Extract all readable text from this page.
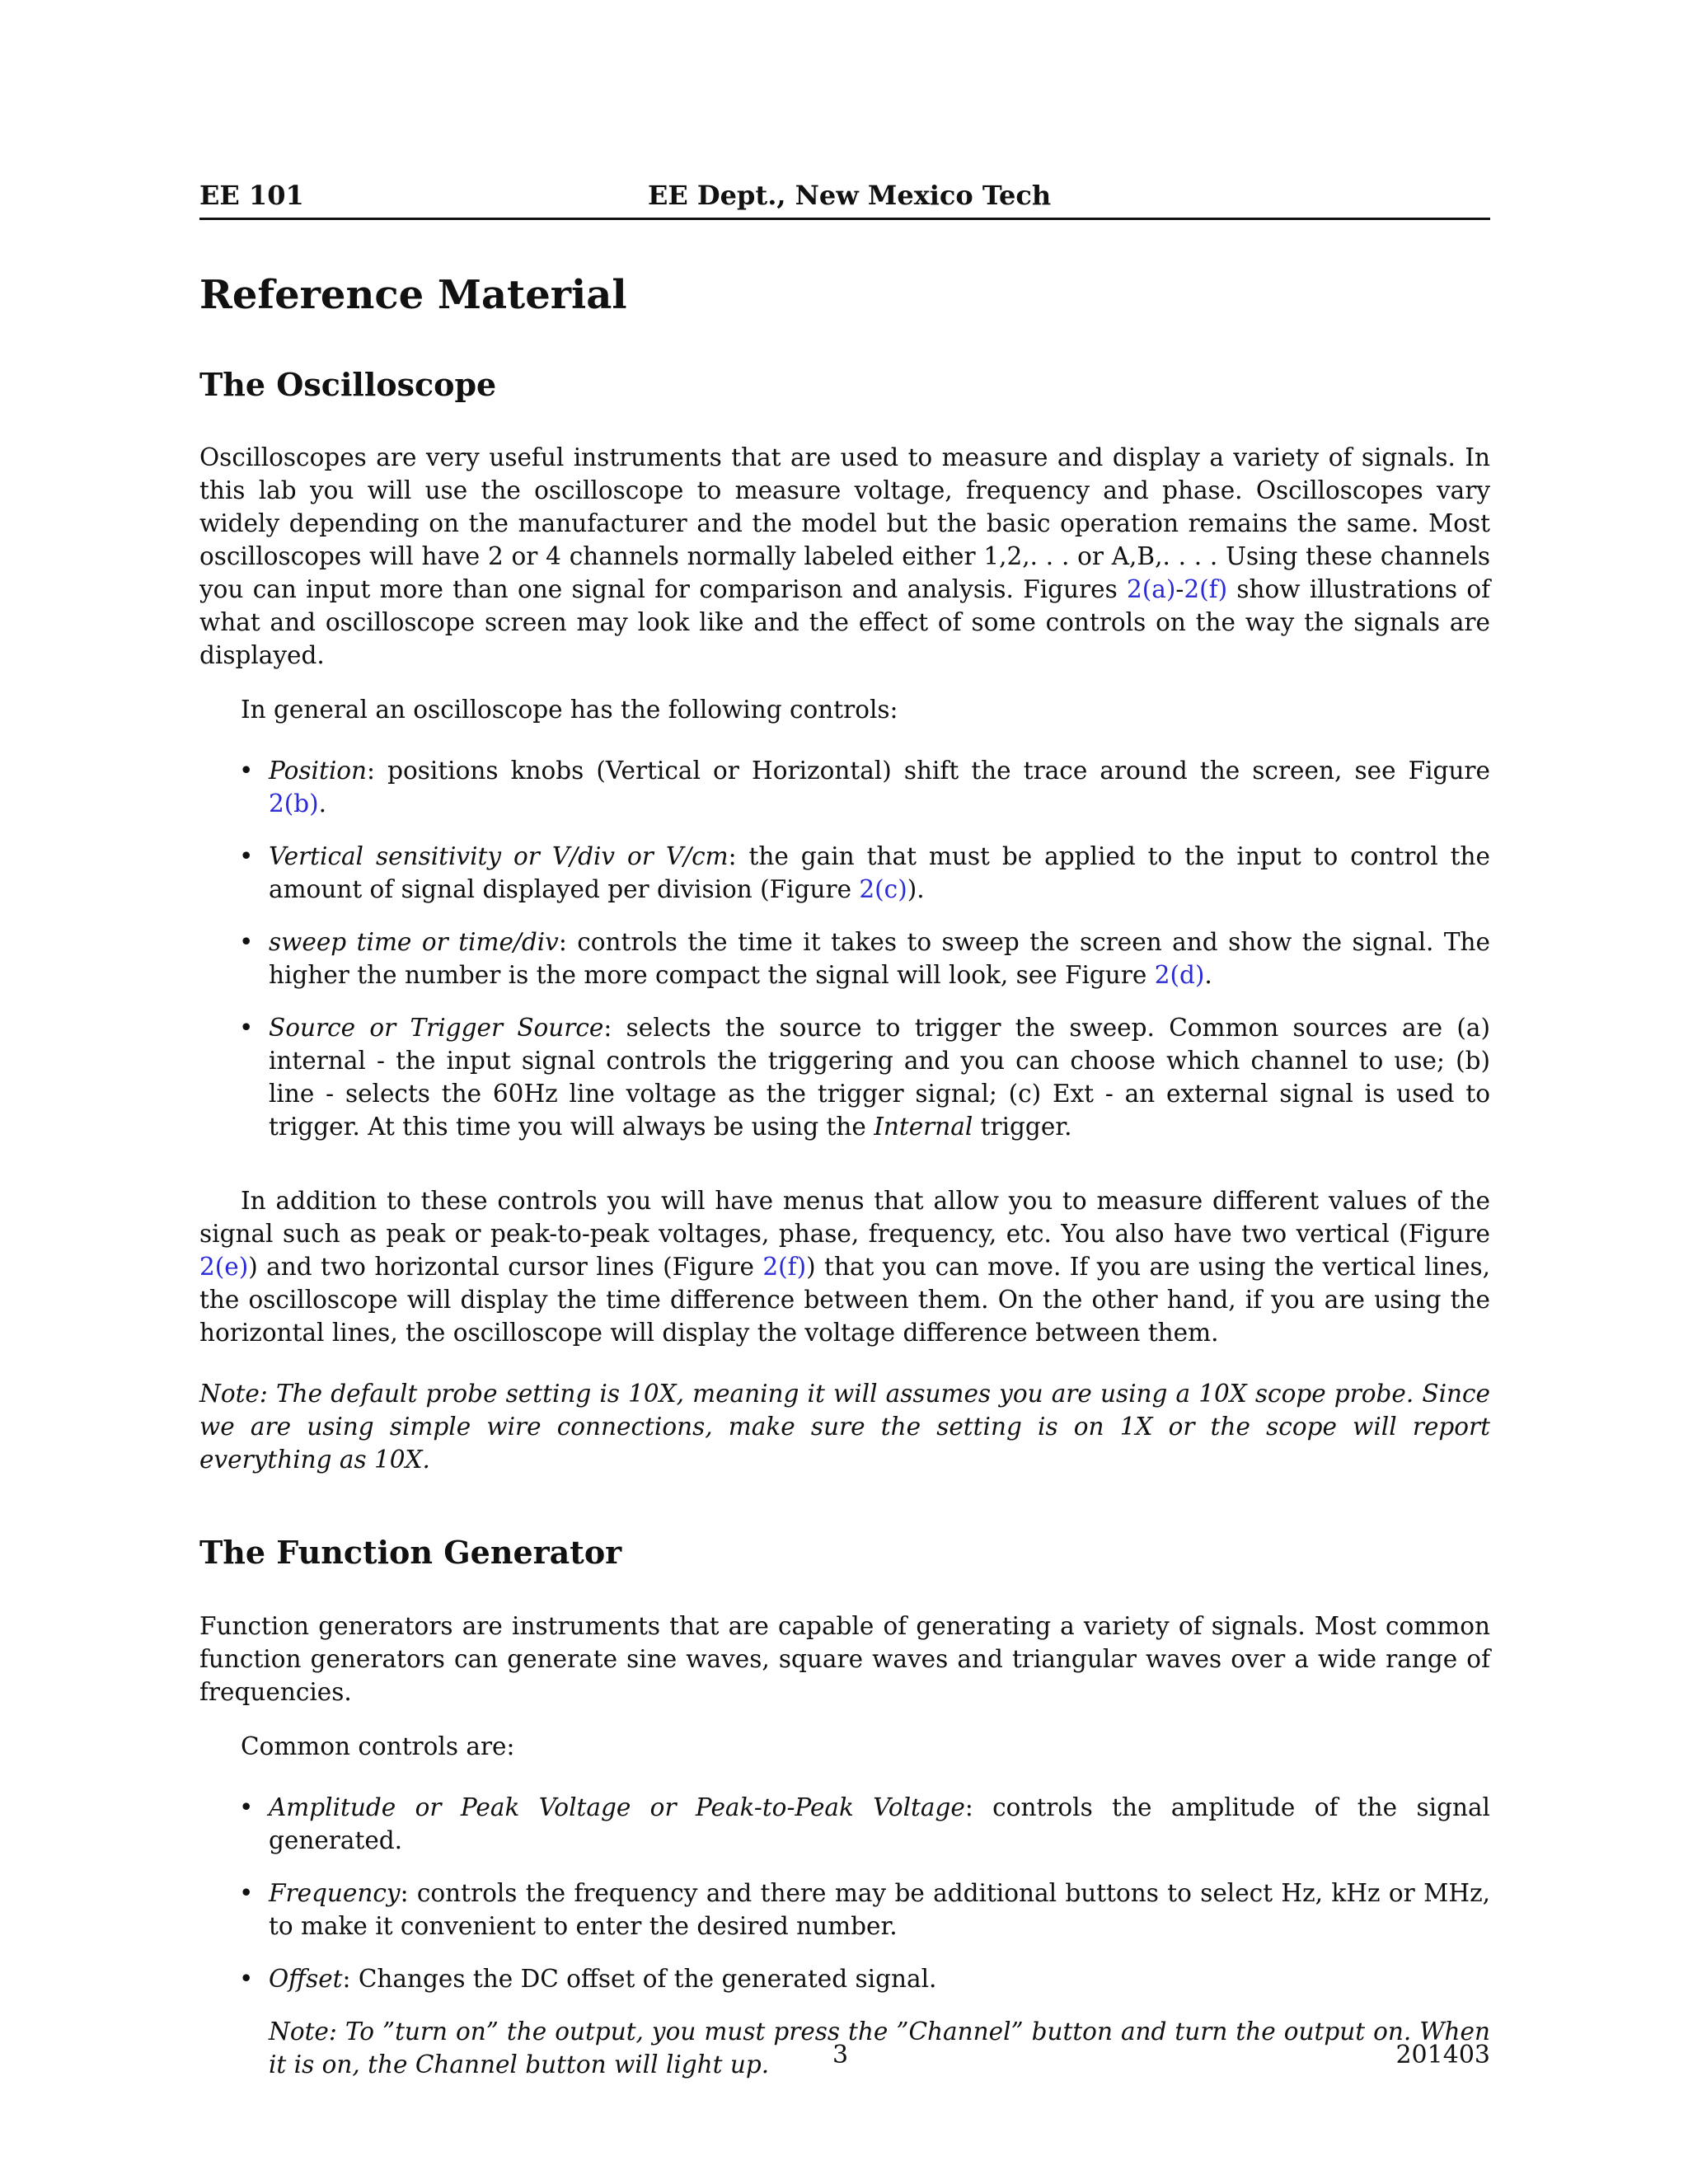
EE 101	EE Dept., New Mexico Tech
Reference Material
The Oscilloscope

Oscilloscopes are very useful instruments that are used to measure and display a variety of signals. In this lab you will use the oscilloscope to measure voltage, frequency and phase. Oscilloscopes vary widely depending on the manufacturer and the model but the basic operation remains the same. Most oscilloscopes will have 2 or 4 channels normally labeled either 1,2,. . . or A,B,. . . . Using these channels you can input more than one signal for comparison and analysis. Figures 2(a)-2(f) show illustrations of what and oscilloscope screen may look like and the effect of some controls on the way the signals are displayed.

In general an oscilloscope has the following controls:

• Position: positions knobs (Vertical or Horizontal) shift the trace around the screen, see Figure 2(b).
• Vertical sensitivity or V/div or V/cm: the gain that must be applied to the input to control the amount of signal displayed per division (Figure 2(c)).
• sweep time or time/div: controls the time it takes to sweep the screen and show the signal. The higher the number is the more compact the signal will look, see Figure 2(d).
• Source or Trigger Source: selects the source to trigger the sweep. Common sources are (a) internal - the input signal controls the triggering and you can choose which channel to use; (b) line - selects the 60Hz line voltage as the trigger signal; (c) Ext - an external signal is used to trigger. At this time you will always be using the Internal trigger.

In addition to these controls you will have menus that allow you to measure different values of the signal such as peak or peak-to-peak voltages, phase, frequency, etc. You also have two vertical (Figure 2(e)) and two horizontal cursor lines (Figure 2(f)) that you can move. If you are using the vertical lines, the oscilloscope will display the time difference between them. On the other hand, if you are using the horizontal lines, the oscilloscope will display the voltage difference between them.

Note: The default probe setting is 10X, meaning it will assumes you are using a 10X scope probe. Since we are using simple wire connections, make sure the setting is on 1X or the scope will report everything as 10X.

The Function Generator

Function generators are instruments that are capable of generating a variety of signals. Most common function generators can generate sine waves, square waves and triangular waves over a wide range of frequencies.

Common controls are:

• Amplitude or Peak Voltage or Peak-to-Peak Voltage: controls the amplitude of the signal generated.
• Frequency: controls the frequency and there may be additional buttons to select Hz, kHz or MHz, to make it convenient to enter the desired number.
• Offset: Changes the DC offset of the generated signal.

Note: To ”turn on” the output, you must press the ”Channel” button and turn the output on. When it is on, the Channel button will light up.	3	201403
